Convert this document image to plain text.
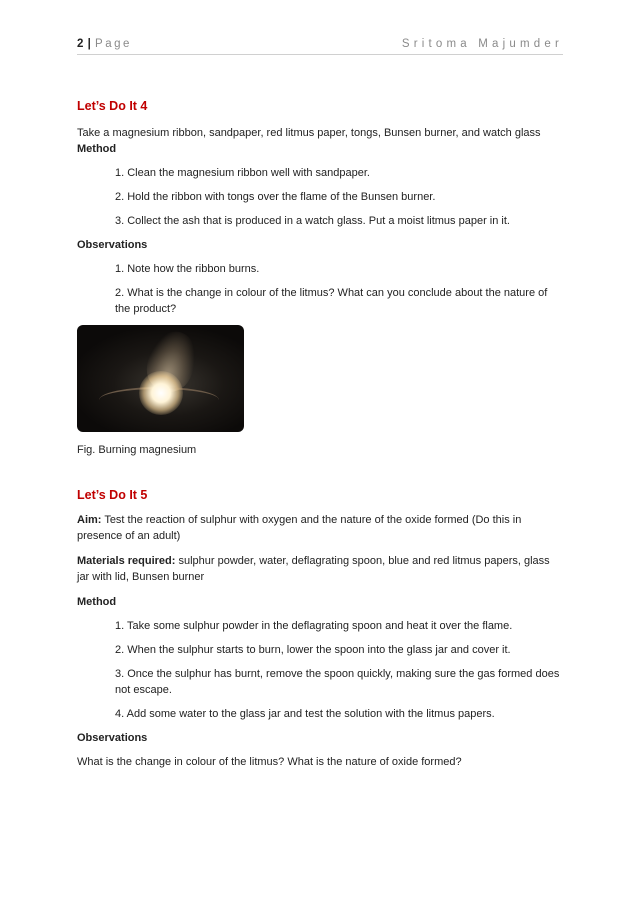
2 | Page	Sritoma Majumder
Let’s Do It 4

Take a magnesium ribbon, sandpaper, red litmus paper, tongs, Bunsen burner, and watch glass

Method

1. Clean the magnesium ribbon well with sandpaper.

2. Hold the ribbon with tongs over the flame of the Bunsen burner.

3. Collect the ash that is produced in a watch glass. Put a moist litmus paper in it.

Observations

1. Note how the ribbon burns.

2. What is the change in colour of the litmus? What can you conclude about the nature of the product?

Fig. Burning magnesium

Let’s Do It 5

Aim: Test the reaction of sulphur with oxygen and the nature of the oxide formed (Do this in presence of an adult)

Materials required: sulphur powder, water, deflagrating spoon, blue and red litmus papers, glass jar with lid, Bunsen burner

Method

1. Take some sulphur powder in the deflagrating spoon and heat it over the flame.

2. When the sulphur starts to burn, lower the spoon into the glass jar and cover it.

3. Once the sulphur has burnt, remove the spoon quickly, making sure the gas formed does not escape.

4. Add some water to the glass jar and test the solution with the litmus papers.

Observations

What is the change in colour of the litmus? What is the nature of oxide formed?
